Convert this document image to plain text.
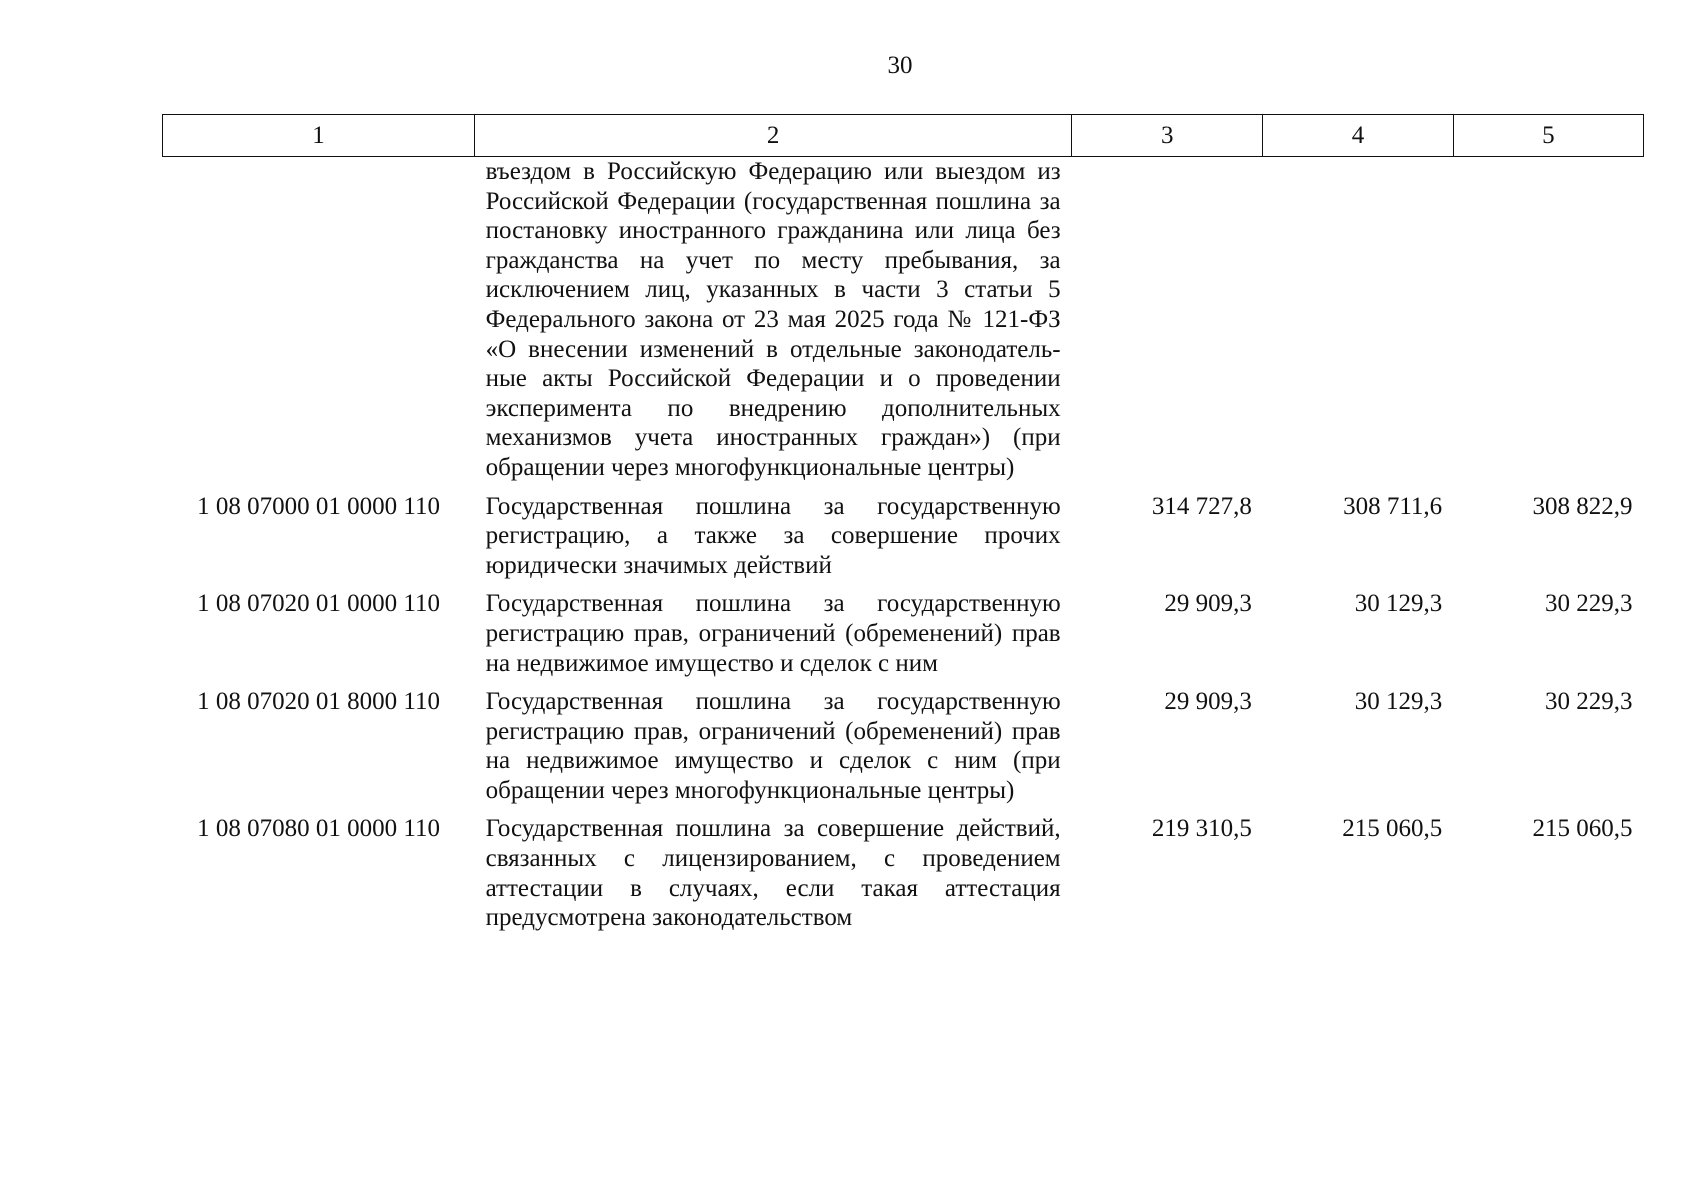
30
1	2	3	4	5
	въездом в Российскую Федерацию или выездом из Российской Федерации (государственная пошлина за постановку иностранного гражданина или лица без гражданства на учет по месту пребывания, за исключением лиц, указанных в части 3 статьи 5 Федерального закона от 23 мая 2025 года № 121-ФЗ «О внесении изменений в отдельные законодательные акты Российской Федерации и о проведении эксперимента по внедрению дополнительных механизмов учета иностранных граждан») (при обращении через многофункциональные центры)			
1 08 07000 01 0000 110	Государственная пошлина за государственную регистрацию, а также за совершение прочих юридически значимых действий	314 727,8	308 711,6	308 822,9
1 08 07020 01 0000 110	Государственная пошлина за государственную регистрацию прав, ограничений (обременений) прав на недвижимое имущество и сделок с ним	29 909,3	30 129,3	30 229,3
1 08 07020 01 8000 110	Государственная пошлина за государственную регистрацию прав, ограничений (обременений) прав на недвижимое имущество и сделок с ним (при обращении через многофункциональные центры)	29 909,3	30 129,3	30 229,3
1 08 07080 01 0000 110	Государственная пошлина за совершение действий, связанных с лицензированием, с проведением аттестации в случаях, если такая аттестация предусмотрена законодательством	219 310,5	215 060,5	215 060,5
